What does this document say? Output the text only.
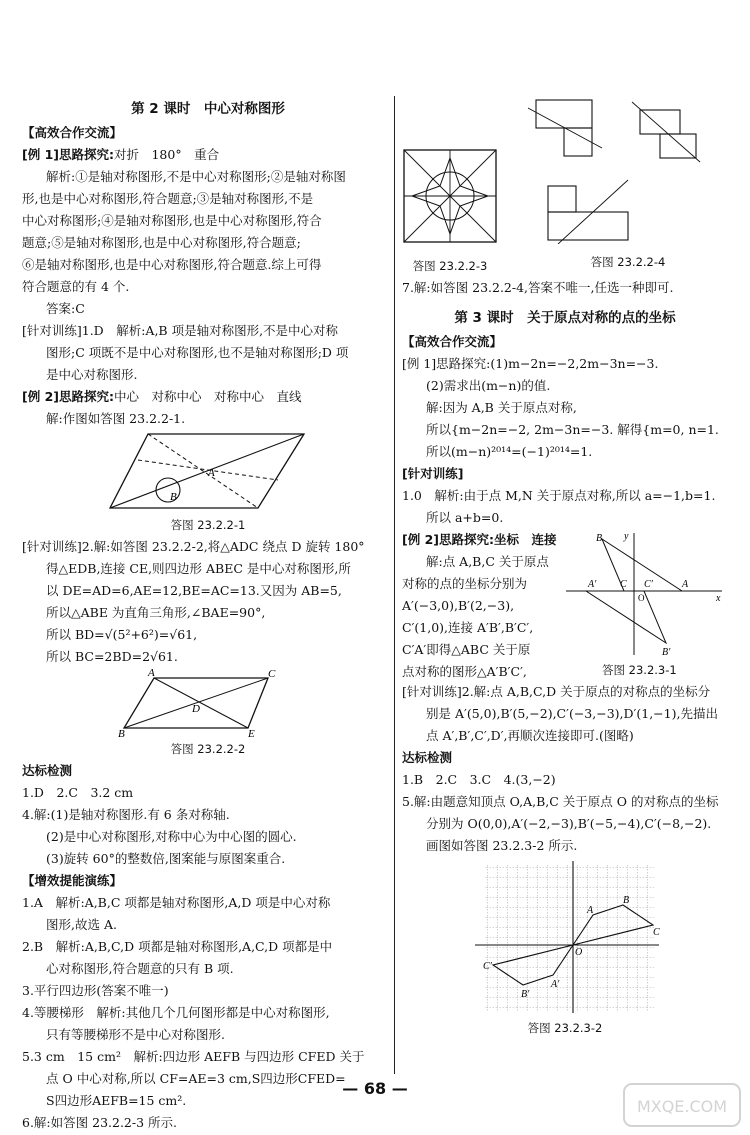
第 2 课时　中心对称图形
【高效合作交流】
[例 1]思路探究:对折　180°　重合
解析:①是轴对称图形,不是中心对称图形;②是轴对称图
形,也是中心对称图形,符合题意;③是轴对称图形,不是
中心对称图形;④是轴对称图形,也是中心对称图形,符合
题意;⑤是轴对称图形,也是中心对称图形,符合题意;
⑥是轴对称图形,也是中心对称图形,符合题意.综上可得
符合题意的有 4 个.
答案:C
[针对训练]1.D　解析:A,B 项是轴对称图形,不是中心对称
图形;C 项既不是中心对称图形,也不是轴对称图形;D 项
是中心对称图形.
[例 2]思路探究:中心　对称中心　对称中心　直线
解:作图如答图 23.2.2-1.
A
B
答图 23.2.2-1
[针对训练]2.解:如答图 23.2.2-2,将△ADC 绕点 D 旋转 180°
得△EDB,连接 CE,则四边形 ABEC 是中心对称图形,所
以 DE=AD=6,AE=12,BE=AC=13.又因为 AB=5,
所以△ABE 为直角三角形,∠BAE=90°,
所以 BD=√(5²+6²)=√61,
所以 BC=2BD=2√61.
A	C
D
B	E
答图 23.2.2-2
达标检测
1.D　2.C　3.2 cm
4.解:(1)是轴对称图形.有 6 条对称轴.
(2)是中心对称图形,对称中心为中心图的圆心.
(3)旋转 60°的整数倍,图案能与原图案重合.
【增效提能演练】
1.A　解析:A,B,C 项都是轴对称图形,A,D 项是中心对称
图形,故选 A.
2.B　解析:A,B,C,D 项都是轴对称图形,A,C,D 项都是中
心对称图形,符合题意的只有 B 项.
3.平行四边形(答案不唯一)
4.等腰梯形　解析:其他几个几何图形都是中心对称图形,
只有等腰梯形不是中心对称图形.
5.3 cm　15 cm²　解析:四边形 AEFB 与四边形 CFED 关于
点 O 中心对称,所以 CF=AE=3 cm,S四边形CFED=
S四边形AEFB=15 cm².
6.解:如答图 23.2.2-3 所示.
答图 23.2.2-3	答图 23.2.2-4
7.解:如答图 23.2.2-4,答案不唯一,任选一种即可.
第 3 课时　关于原点对称的点的坐标
【高效合作交流】
[例 1]思路探究:(1)m−2n=−2,2m−3n=−3.
(2)需求出(m−n)的值.
解:因为 A,B 关于原点对称,
所以{m−2n=−2, 2m−3n=−3. 解得{m=0, n=1.
所以(m−n)²⁰¹⁴=(−1)²⁰¹⁴=1.
[针对训练]
1.0　解析:由于点 M,N 关于原点对称,所以 a=−1,b=1.
所以 a+b=0.
[例 2]思路探究:坐标　连接
解:点 A,B,C 关于原点
对称的点的坐标分别为
A′(−3,0),B′(2,−3),
C′(1,0),连接 A′B′,B′C′,
C′A′即得△ABC 关于原
点对称的图形△A′B′C′,
x
y
B
A
B′
A′ C C′
O
答图 23.2.3-1
[针对训练]2.解:点 A,B,C,D 关于原点的对称点的坐标分
别是 A′(5,0),B′(5,−2),C′(−3,−3),D′(1,−1),先描出
点 A′,B′,C′,D′,再顺次连接即可.(图略)
达标检测
1.B　2.C　3.C　4.(3,−2)
5.解:由题意知顶点 O,A,B,C 关于原点 O 的对称点的坐标
分别为 O(0,0),A′(−2,−3),B′(−5,−4),C′(−8,−2).
画图如答图 23.2.3-2 所示.
A
B
C
O
A′
B′
C′
答图 23.2.3-2
— 68 —
MXQE.COM
